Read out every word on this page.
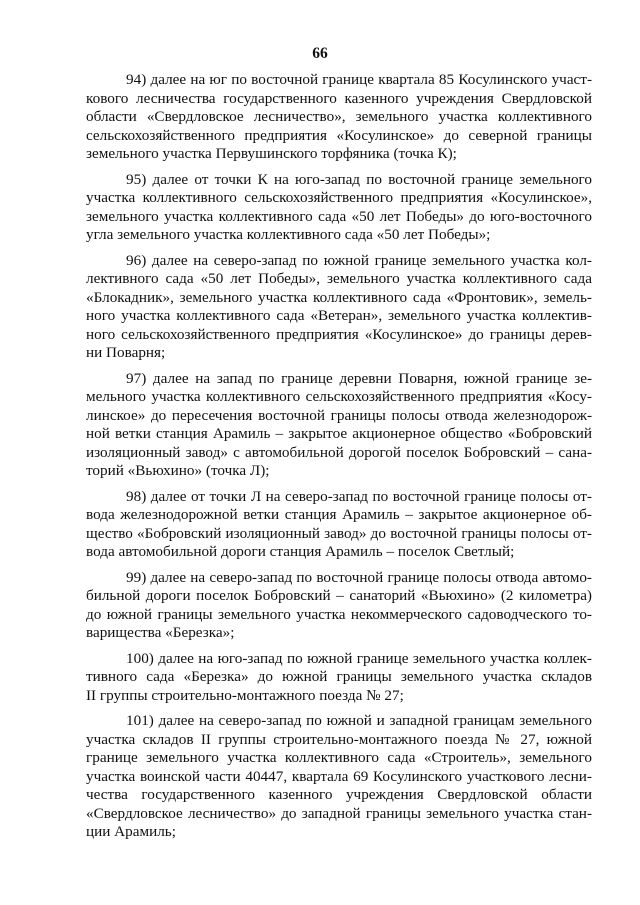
66

94) далее на юг по восточной границе квартала 85 Косулинского участ-
кового лесничества государственного казенного учреждения Свердловской
области «Свердловское лесничество», земельного участка коллективного
сельскохозяйственного предприятия «Косулинское» до северной границы
земельного участка Первушинского торфяника (точка К);
95) далее от точки К на юго-запад по восточной границе земельного
участка коллективного сельскохозяйственного предприятия «Косулинское»,
земельного участка коллективного сада «50 лет Победы» до юго-восточного
угла земельного участка коллективного сада «50 лет Победы»;
96) далее на северо-запад по южной границе земельного участка кол-
лективного сада «50 лет Победы», земельного участка коллективного сада
«Блокадник», земельного участка коллективного сада «Фронтовик», земель-
ного участка коллективного сада «Ветеран», земельного участка коллектив-
ного сельскохозяйственного предприятия «Косулинское» до границы дерев-
ни Поварня;
97) далее на запад по границе деревни Поварня, южной границе зе-
мельного участка коллективного сельскохозяйственного предприятия «Косу-
линское» до пересечения восточной границы полосы отвода железнодорож-
ной ветки станция Арамиль – закрытое акционерное общество «Бобровский
изоляционный завод» с автомобильной дорогой поселок Бобровский – сана-
торий «Вьюхино» (точка Л);
98) далее от точки Л на северо-запад по восточной границе полосы от-
вода железнодорожной ветки станция Арамиль – закрытое акционерное об-
щество «Бобровский изоляционный завод» до восточной границы полосы от-
вода автомобильной дороги станция Арамиль – поселок Светлый;
99) далее на северо-запад по восточной границе полосы отвода автомо-
бильной дороги поселок Бобровский – санаторий «Вьюхино» (2 километра)
до южной границы земельного участка некоммерческого садоводческого то-
варищества «Березка»;
100) далее на юго-запад по южной границе земельного участка коллек-
тивного сада «Березка» до южной границы земельного участка складов
II группы строительно-монтажного поезда № 27;
101) далее на северо-запад по южной и западной границам земельного
участка складов II группы строительно-монтажного поезда № 27, южной
границе земельного участка коллективного сада «Строитель», земельного
участка воинской части 40447, квартала 69 Косулинского участкового лесни-
чества государственного казенного учреждения Свердловской области
«Свердловское лесничество» до западной границы земельного участка стан-
ции Арамиль;
